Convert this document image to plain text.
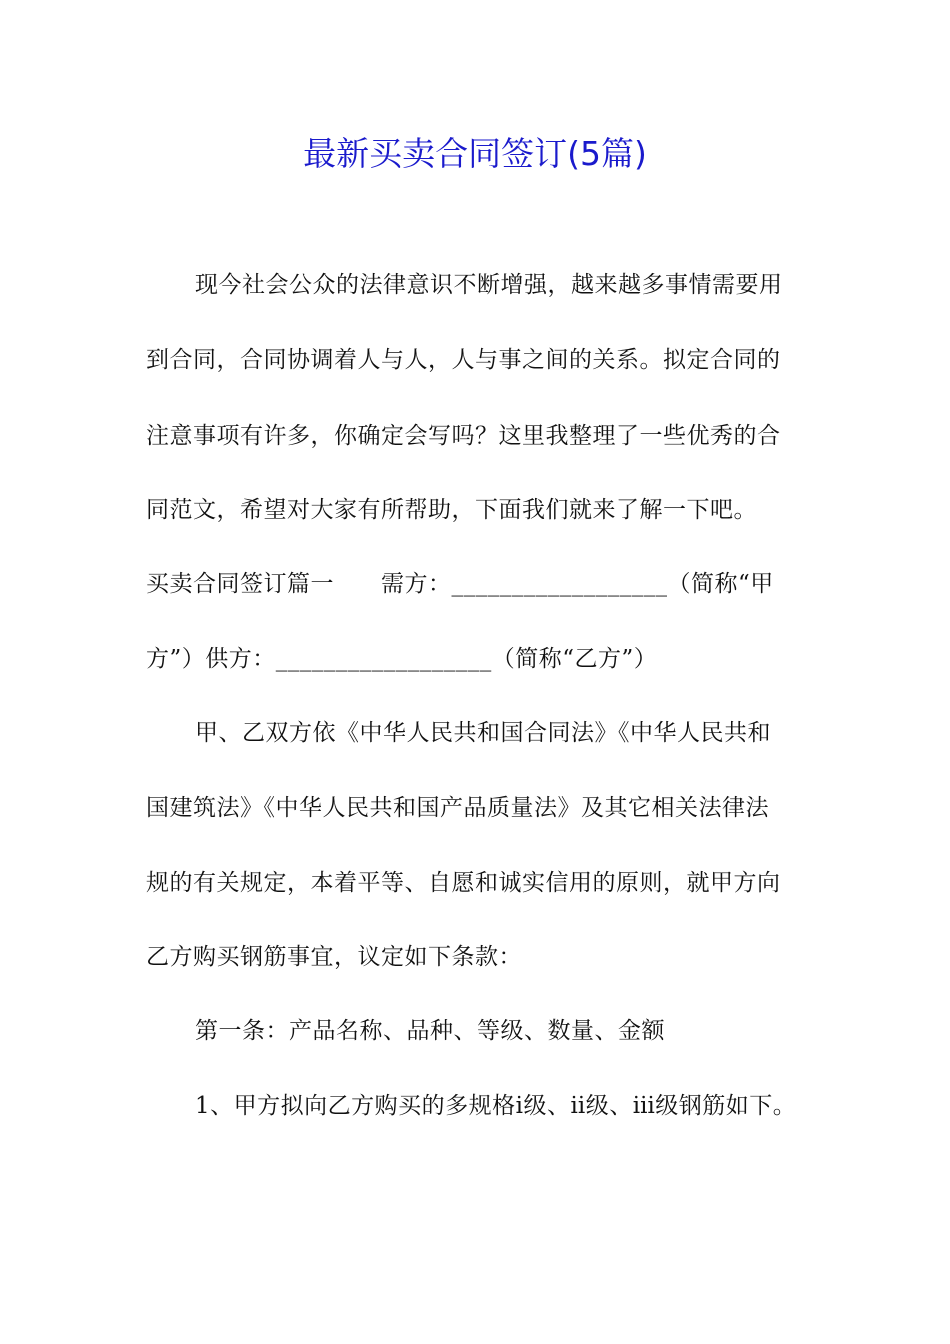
最新买卖合同签订(5篇)
现今社会公众的法律意识不断增强，越来越多事情需要用
到合同，合同协调着人与人，人与事之间的关系。拟定合同的
注意事项有许多，你确定会写吗？这里我整理了一些优秀的合
同范文，希望对大家有所帮助，下面我们就来了解一下吧。
买卖合同签订篇一　　需方：__________________（简称“甲
方”）供方：__________________（简称“乙方”）
甲、乙双方依《中华人民共和国合同法》《中华人民共和
国建筑法》《中华人民共和国产品质量法》及其它相关法律法
规的有关规定，本着平等、自愿和诚实信用的原则，就甲方向
乙方购买钢筋事宜，议定如下条款：
第一条：产品名称、品种、等级、数量、金额
1、甲方拟向乙方购买的多规格ⅰ级、ⅱ级、ⅲ级钢筋如下。
